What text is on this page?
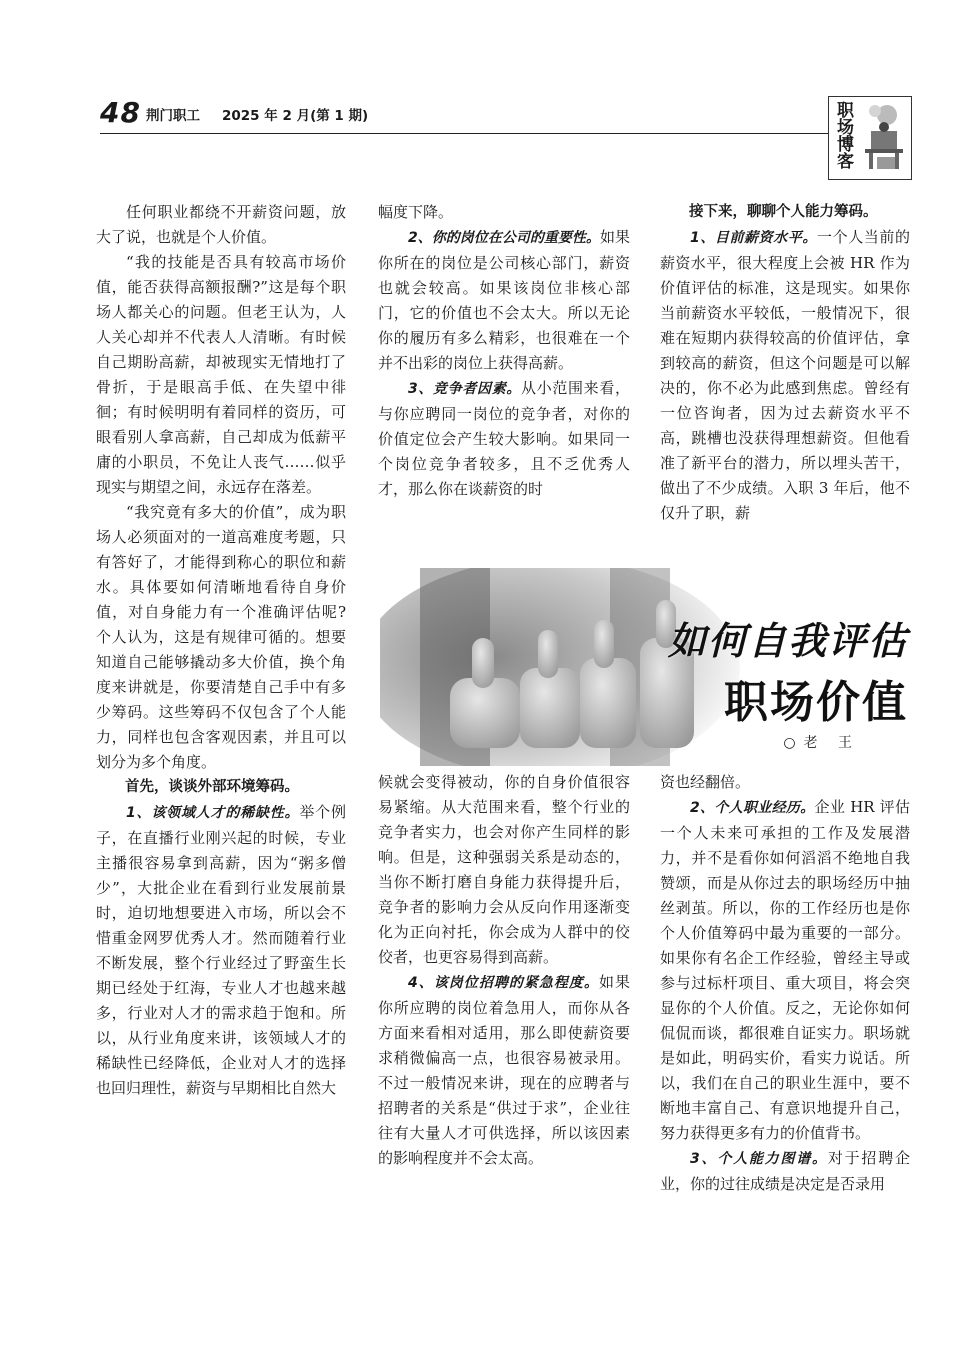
48 荆门职工 2025 年 2 月(第 1 期)	职场博客

任何职业都绕不开薪资问题，放大了说，也就是个人价值。

“我的技能是否具有较高市场价值，能否获得高额报酬?”这是每个职场人都关心的问题。但老王认为，人人关心却并不代表人人清晰。有时候自己期盼高薪，却被现实无情地打了骨折，于是眼高手低、在失望中徘徊；有时候明明有着同样的资历，可眼看别人拿高薪，自己却成为低薪平庸的小职员，不免让人丧气……似乎现实与期望之间，永远存在落差。

“我究竟有多大的价值”，成为职场人必须面对的一道高难度考题，只有答好了，才能得到称心的职位和薪水。具体要如何清晰地看待自身价值，对自身能力有一个准确评估呢? 个人认为，这是有规律可循的。想要知道自己能够撬动多大价值，换个角度来讲就是，你要清楚自己手中有多少筹码。这些筹码不仅包含了个人能力，同样也包含客观因素，并且可以划分为多个角度。

首先，谈谈外部环境筹码。

1、该领域人才的稀缺性。举个例子，在直播行业刚兴起的时候，专业主播很容易拿到高薪，因为“粥多僧少”，大批企业在看到行业发展前景时，迫切地想要进入市场，所以会不惜重金网罗优秀人才。然而随着行业不断发展，整个行业经过了野蛮生长期已经处于红海，专业人才也越来越多，行业对人才的需求趋于饱和。所以，从行业角度来讲，该领域人才的稀缺性已经降低，企业对人才的选择也回归理性，薪资与早期相比自然大

幅度下降。

2、你的岗位在公司的重要性。如果你所在的岗位是公司核心部门，薪资也就会较高。如果该岗位非核心部门，它的价值也不会太大。所以无论你的履历有多么精彩，也很难在一个并不出彩的岗位上获得高薪。

3、竞争者因素。从小范围来看，与你应聘同一岗位的竞争者，对你的价值定位会产生较大影响。如果同一个岗位竞争者较多，且不乏优秀人才，那么你在谈薪资的时

接下来，聊聊个人能力筹码。

1、目前薪资水平。一个人当前的薪资水平，很大程度上会被 HR 作为价值评估的标准，这是现实。如果你当前薪资水平较低，一般情况下，很难在短期内获得较高的价值评估，拿到较高的薪资，但这个问题是可以解决的，你不必为此感到焦虑。曾经有一位咨询者，因为过去薪资水平不高，跳槽也没获得理想薪资。但他看准了新平台的潜力，所以埋头苦干，做出了不少成绩。入职 3 年后，他不仅升了职，薪

如何自我评估
职场价值
○老 王

候就会变得被动，你的自身价值很容易紧缩。从大范围来看，整个行业的竞争者实力，也会对你产生同样的影响。但是，这种强弱关系是动态的，当你不断打磨自身能力获得提升后，竞争者的影响力会从反向作用逐渐变化为正向衬托，你会成为人群中的佼佼者，也更容易得到高薪。

4、该岗位招聘的紧急程度。如果你所应聘的岗位着急用人，而你从各方面来看相对适用，那么即使薪资要求稍微偏高一点，也很容易被录用。不过一般情况来讲，现在的应聘者与招聘者的关系是“供过于求”，企业往往有大量人才可供选择，所以该因素的影响程度并不会太高。

资也经翻倍。

2、个人职业经历。企业 HR 评估一个人未来可承担的工作及发展潜力，并不是看你如何滔滔不绝地自我赞颂，而是从你过去的职场经历中抽丝剥茧。所以，你的工作经历也是你个人价值筹码中最为重要的一部分。如果你有名企工作经验，曾经主导或参与过标杆项目、重大项目，将会突显你的个人价值。反之，无论你如何侃侃而谈，都很难自证实力。职场就是如此，明码实价，看实力说话。所以，我们在自己的职业生涯中，要不断地丰富自己、有意识地提升自己，努力获得更多有力的价值背书。

3、个人能力图谱。对于招聘企业，你的过往成绩是决定是否录用
